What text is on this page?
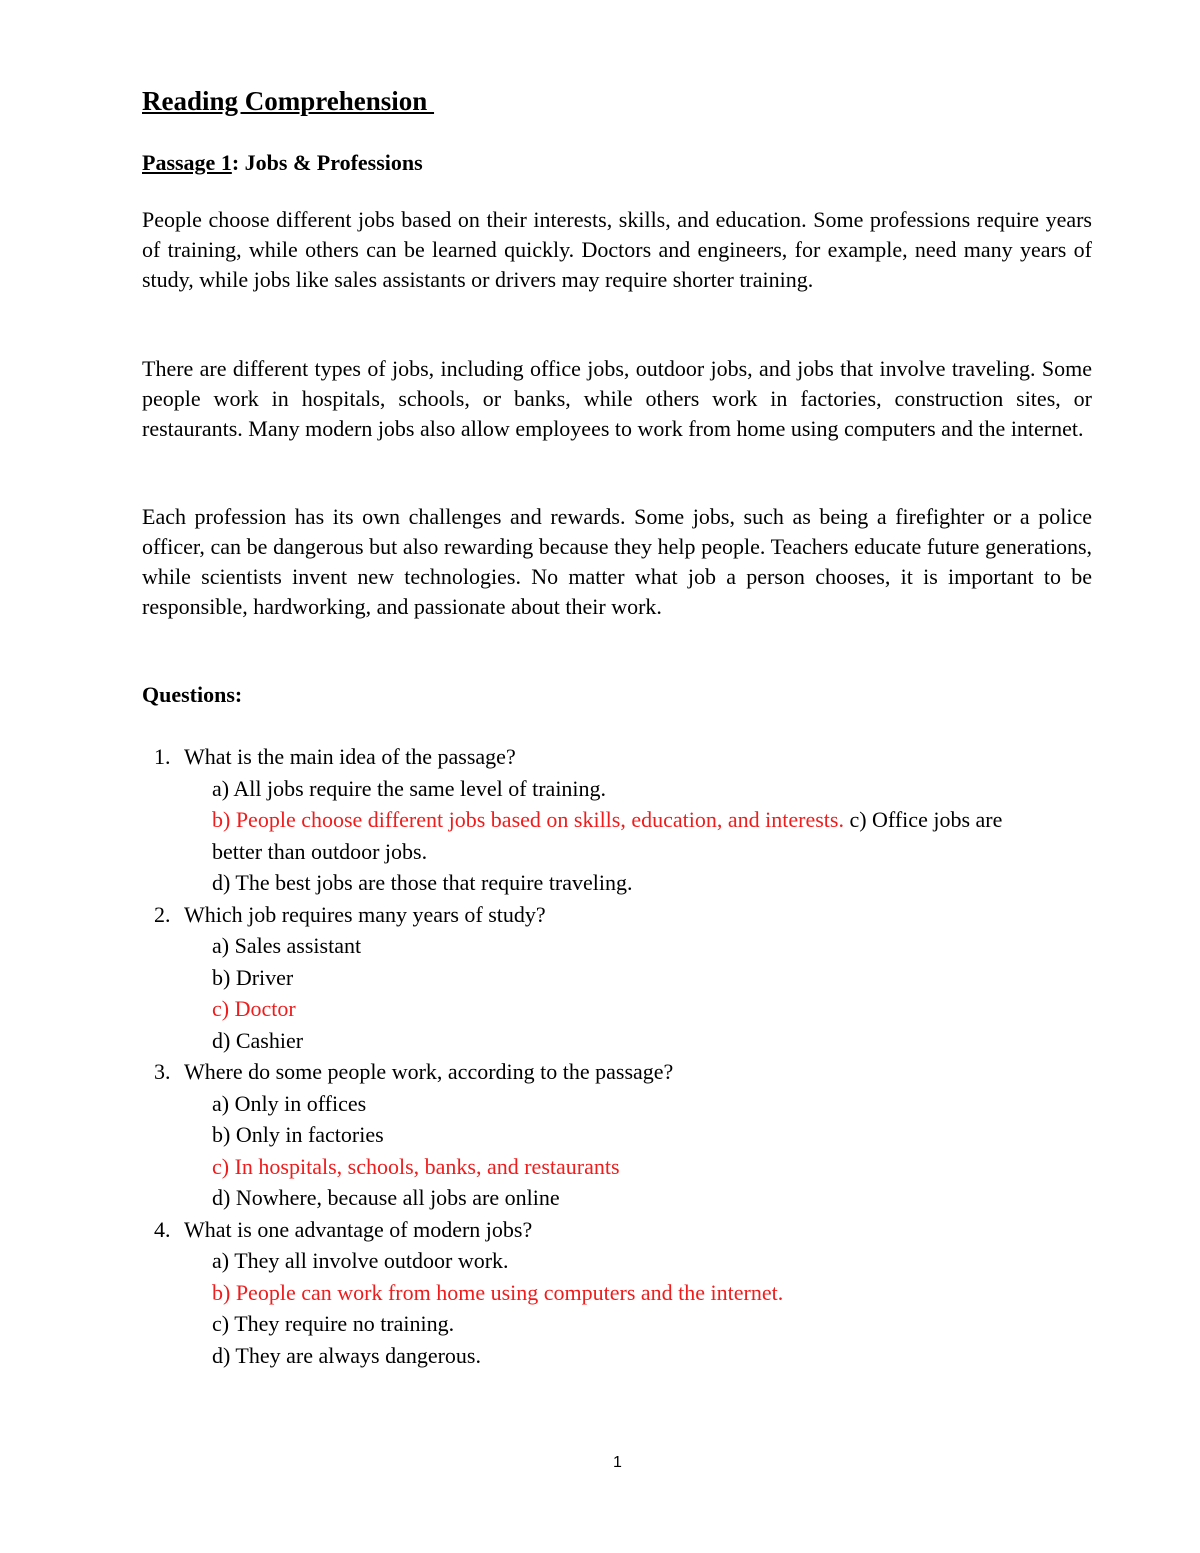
Reading Comprehension
Passage 1: Jobs & Professions

People choose different jobs based on their interests, skills, and education. Some professions require years of training, while others can be learned quickly. Doctors and engineers, for example, need many years of study, while jobs like sales assistants or drivers may require shorter training.

There are different types of jobs, including office jobs, outdoor jobs, and jobs that involve traveling. Some people work in hospitals, schools, or banks, while others work in factories, construction sites, or restaurants. Many modern jobs also allow employees to work from home using computers and the internet.

Each profession has its own challenges and rewards. Some jobs, such as being a firefighter or a police officer, can be dangerous but also rewarding because they help people. Teachers educate future generations, while scientists invent new technologies. No matter what job a person chooses, it is important to be responsible, hardworking, and passionate about their work.

Questions:
1 . What is the main idea of the passage?
a) All jobs require the same level of training.
b) People choose different jobs based on skills, education, and interests. c) Office jobs are better than outdoor jobs.
d) The best jobs are those that require traveling.
2 . Which job requires many years of study?
a) Sales assistant
b) Driver
c) Doctor
d) Cashier
3 . Where do some people work, according to the passage?
a) Only in offices
b) Only in factories
c) In hospitals, schools, banks, and restaurants
d) Nowhere, because all jobs are online
4 . What is one advantage of modern jobs?
a) They all involve outdoor work.
b) People can work from home using computers and the internet.
c) They require no training.
d) They are always dangerous.
1
